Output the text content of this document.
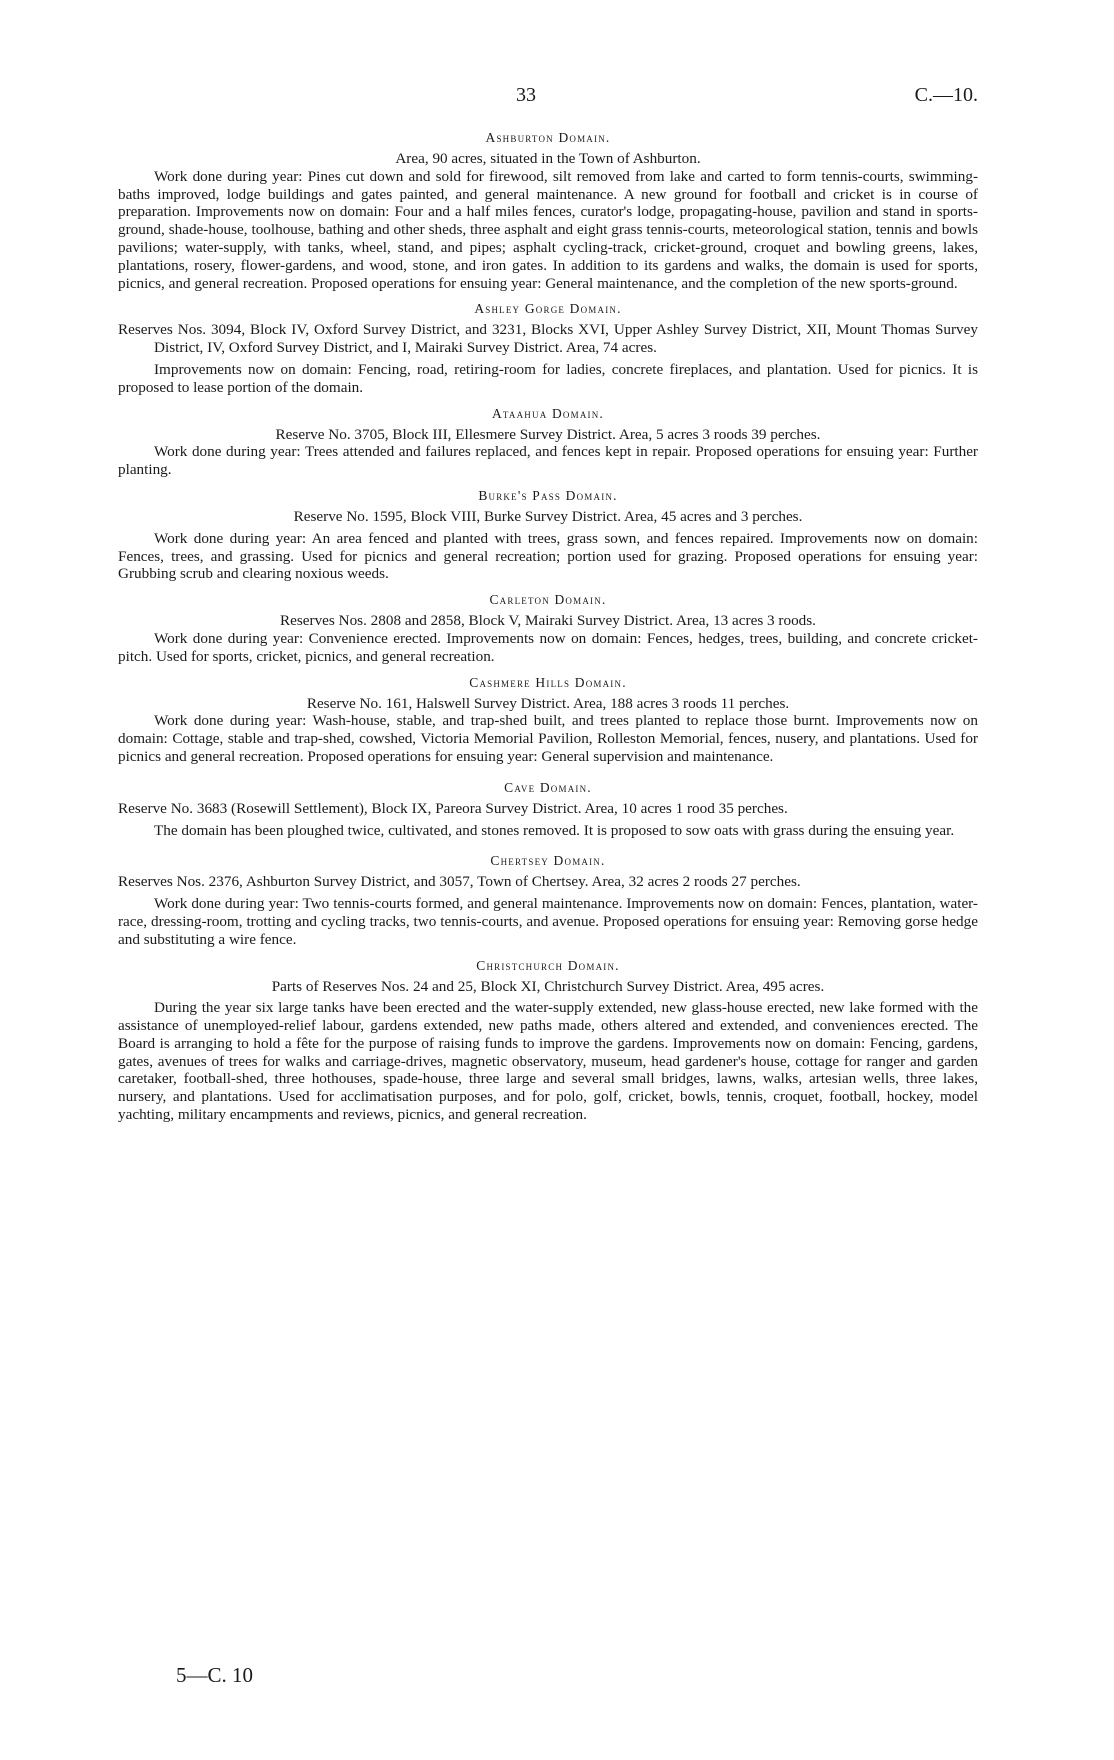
33	C.—10.
Ashburton Domain.

Area, 90 acres, situated in the Town of Ashburton.

Work done during year: Pines cut down and sold for firewood, silt removed from lake and carted to form tennis-courts, swimming-baths improved, lodge buildings and gates painted, and general maintenance. A new ground for football and cricket is in course of preparation. Improvements now on domain: Four and a half miles fences, curator's lodge, propagating-house, pavilion and stand in sports-ground, shade-house, toolhouse, bathing and other sheds, three asphalt and eight grass tennis-courts, meteorological station, tennis and bowls pavilions; water-supply, with tanks, wheel, stand, and pipes; asphalt cycling-track, cricket-ground, croquet and bowling greens, lakes, plantations, rosery, flower-gardens, and wood, stone, and iron gates. In addition to its gardens and walks, the domain is used for sports, picnics, and general recreation. Proposed operations for ensuing year: General maintenance, and the completion of the new sports-ground.

Ashley Gorge Domain.

Reserves Nos. 3094, Block IV, Oxford Survey District, and 3231, Blocks XVI, Upper Ashley Survey District, XII, Mount Thomas Survey District, IV, Oxford Survey District, and I, Mairaki Survey District. Area, 74 acres.

Improvements now on domain: Fencing, road, retiring-room for ladies, concrete fireplaces, and plantation. Used for picnics. It is proposed to lease portion of the domain.

Ataahua Domain.

Reserve No. 3705, Block III, Ellesmere Survey District. Area, 5 acres 3 roods 39 perches.

Work done during year: Trees attended and failures replaced, and fences kept in repair. Proposed operations for ensuing year: Further planting.

Burke's Pass Domain.

Reserve No. 1595, Block VIII, Burke Survey District. Area, 45 acres and 3 perches.

Work done during year: An area fenced and planted with trees, grass sown, and fences repaired. Improvements now on domain: Fences, trees, and grassing. Used for picnics and general recreation; portion used for grazing. Proposed operations for ensuing year: Grubbing scrub and clearing noxious weeds.

Carleton Domain.

Reserves Nos. 2808 and 2858, Block V, Mairaki Survey District. Area, 13 acres 3 roods.

Work done during year: Convenience erected. Improvements now on domain: Fences, hedges, trees, building, and concrete cricket-pitch. Used for sports, cricket, picnics, and general recreation.

Cashmere Hills Domain.

Reserve No. 161, Halswell Survey District. Area, 188 acres 3 roods 11 perches.

Work done during year: Wash-house, stable, and trap-shed built, and trees planted to replace those burnt. Improvements now on domain: Cottage, stable and trap-shed, cowshed, Victoria Memorial Pavilion, Rolleston Memorial, fences, nusery, and plantations. Used for picnics and general recreation. Proposed operations for ensuing year: General supervision and maintenance.

Cave Domain.

Reserve No. 3683 (Rosewill Settlement), Block IX, Pareora Survey District. Area, 10 acres 1 rood 35 perches.

The domain has been ploughed twice, cultivated, and stones removed. It is proposed to sow oats with grass during the ensuing year.

Chertsey Domain.

Reserves Nos. 2376, Ashburton Survey District, and 3057, Town of Chertsey. Area, 32 acres 2 roods 27 perches.

Work done during year: Two tennis-courts formed, and general maintenance. Improvements now on domain: Fences, plantation, water-race, dressing-room, trotting and cycling tracks, two tennis-courts, and avenue. Proposed operations for ensuing year: Removing gorse hedge and substituting a wire fence.

Christchurch Domain.

Parts of Reserves Nos. 24 and 25, Block XI, Christchurch Survey District. Area, 495 acres.

During the year six large tanks have been erected and the water-supply extended, new glass-house erected, new lake formed with the assistance of unemployed-relief labour, gardens extended, new paths made, others altered and extended, and conveniences erected. The Board is arranging to hold a fête for the purpose of raising funds to improve the gardens. Improvements now on domain: Fencing, gardens, gates, avenues of trees for walks and carriage-drives, magnetic observatory, museum, head gardener's house, cottage for ranger and garden caretaker, football-shed, three hothouses, spade-house, three large and several small bridges, lawns, walks, artesian wells, three lakes, nursery, and plantations. Used for acclimatisation purposes, and for polo, golf, cricket, bowls, tennis, croquet, football, hockey, model yachting, military encampments and reviews, picnics, and general recreation.

5—C. 10
